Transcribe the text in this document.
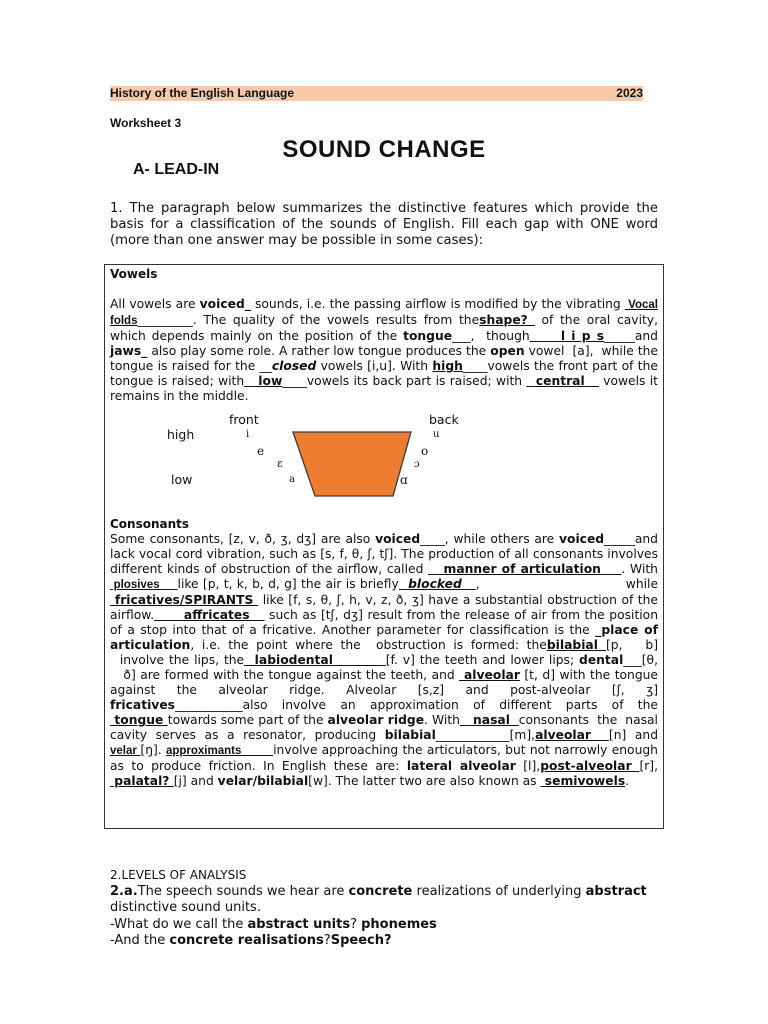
History of the English Language	2023
Worksheet 3
SOUND CHANGE
A- LEAD-IN
1. The paragraph below summarizes the distinctive features which provide the basis for a classification of the sounds of English. Fill each gap with ONE word (more than one answer may be possible in some cases):
Vowels
All vowels are voiced_ sounds, i.e. the passing airflow is modified by the vibrating  Vocal folds_________. The quality of the vowels results from theshape?  of the oral cavity, which depends mainly on the position of the tongue___,  though     l i p s_____and jaws_ also play some role. A rather low tongue produces the open vowel  [a],  while the tongue is raised for the __closed vowels [i,u]. With high____vowels the front part of the tongue is raised; with   low____vowels its back part is raised; with   central    vowels it remains in the middle.
front	back
high
low
i	u
e	o
ɛ	ɔ
a	ɑ
Consonants
Some consonants, [z, v, ð, ʒ, dʒ] are also voiced____, while others are voiced_____and lack vocal cord vibration, such as [s, f, θ, ʃ, tʃ]. The production of all consonants involves different kinds of obstruction of the airflow, called    manner of articulation    . With  plosives     like [p, t, k, b, d, g] the air is briefly blocked ,                                  while  fricatives/SPIRANTS  like [f, s, θ, ʃ, h, v, z, ð, ʒ] have a substantial obstruction of the airflow.      affricates    such as [tʃ, dʒ] result from the release of air from the position of a stop into that of a fricative. Another parameter for classification is the _place of articulation, i.e. the point where the  obstruction is formed: thebilabial [p,   b]   involve the lips, the  labiodental          [f. v] the teeth and lower lips; dental___[θ,    ð] are formed with the tongue against the teeth, and  alveolar [t, d] with the tongue against the alveolar ridge. Alveolar [s,z] and post-alveolar [ʃ, ʒ] fricatives___________also involve an approximation of different parts of the  tongue towards some part of the alveolar ridge. With   nasal  consonants  the  nasal cavity serves as a resonator, producing bilabial____________[m],alveolar  [n] and velar [ŋ]. approximants         involve approaching the articulators, but not narrowly enough as to produce friction. In English these are: lateral alveolar [l],post-alveolar [r],  palatal? [j] and velar/bilabial[w]. The latter two are also known as  semivowels.
2.LEVELS OF ANALYSIS
2.a.The speech sounds we hear are concrete realizations of underlying abstract distinctive sound units.
-What do we call the abstract units? phonemes
-And the concrete realisations?Speech?
